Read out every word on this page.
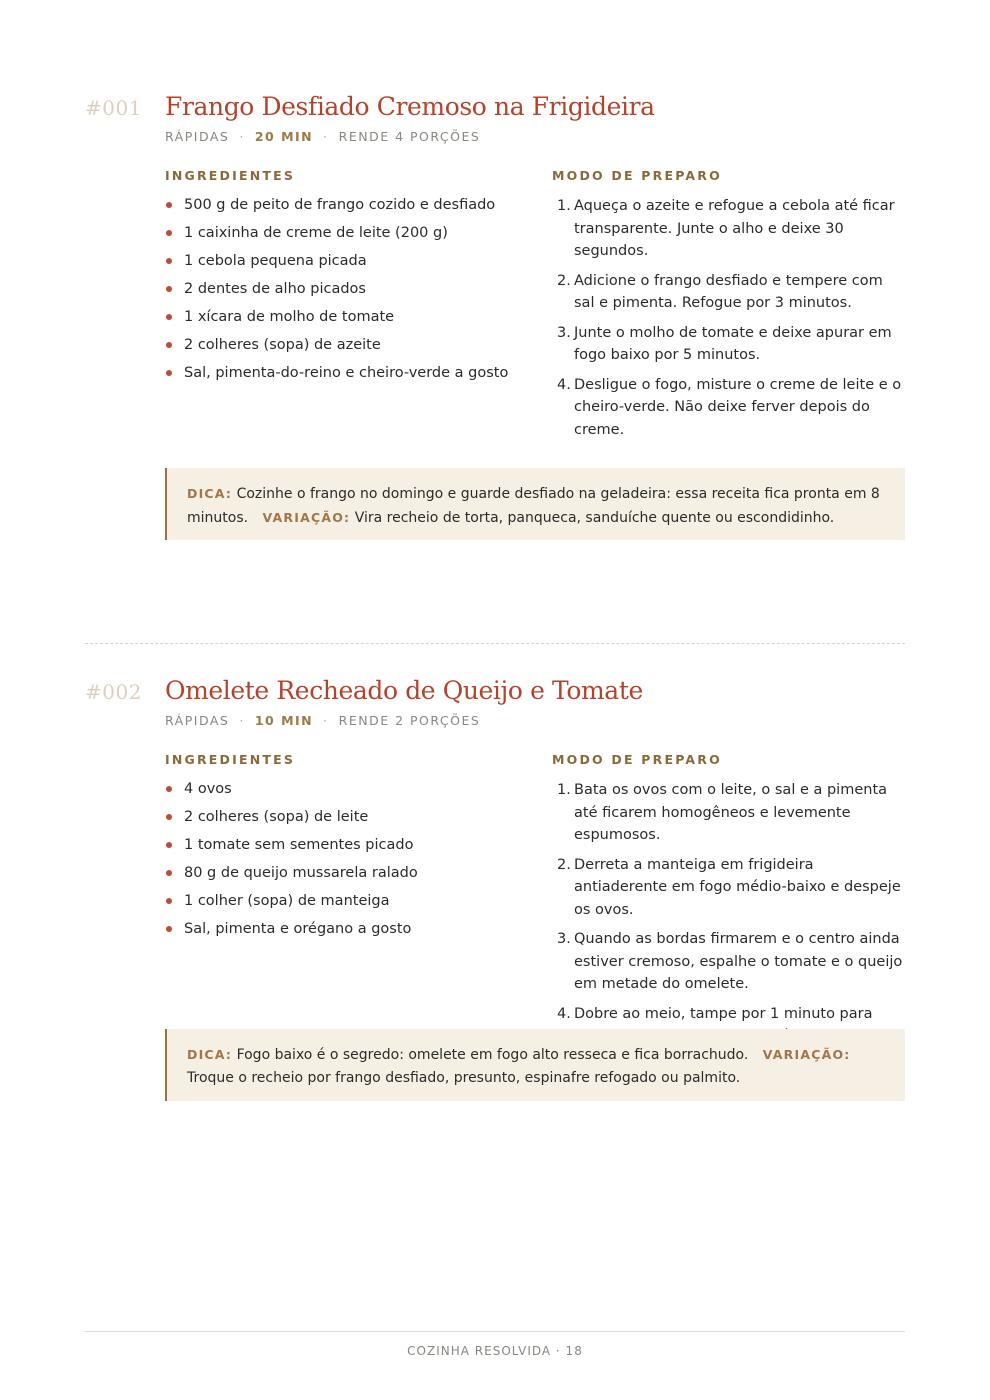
#001 Frango Desfiado Cremoso na Frigideira
RÁPIDAS · 20 MIN · RENDE 4 PORÇÕES
INGREDIENTES
500 g de peito de frango cozido e desfiado
1 caixinha de creme de leite (200 g)
1 cebola pequena picada
2 dentes de alho picados
1 xícara de molho de tomate
2 colheres (sopa) de azeite
Sal, pimenta-do-reino e cheiro-verde a gosto
MODO DE PREPARO
1. Aqueça o azeite e refogue a cebola até ficar transparente. Junte o alho e deixe 30 segundos.
2. Adicione o frango desfiado e tempere com sal e pimenta. Refogue por 3 minutos.
3. Junte o molho de tomate e deixe apurar em fogo baixo por 5 minutos.
4. Desligue o fogo, misture o creme de leite e o cheiro-verde. Não deixe ferver depois do creme.
DICA: Cozinhe o frango no domingo e guarde desfiado na geladeira: essa receita fica pronta em 8 minutos. VARIAÇÃO: Vira recheio de torta, panqueca, sanduíche quente ou escondidinho.
#002 Omelete Recheado de Queijo e Tomate
RÁPIDAS · 10 MIN · RENDE 2 PORÇÕES
INGREDIENTES
4 ovos
2 colheres (sopa) de leite
1 tomate sem sementes picado
80 g de queijo mussarela ralado
1 colher (sopa) de manteiga
Sal, pimenta e orégano a gosto
MODO DE PREPARO
1. Bata os ovos com o leite, o sal e a pimenta até ficarem homogêneos e levemente espumosos.
2. Derreta a manteiga em frigideira antiaderente em fogo médio-baixo e despeje os ovos.
3. Quando as bordas firmarem e o centro ainda estiver cremoso, espalhe o tomate e o queijo em metade do omelete.
4. Dobre ao meio, tampe por 1 minuto para
DICA: Fogo baixo é o segredo: omelete em fogo alto resseca e fica borrachudo. VARIAÇÃO: Troque o recheio por frango desfiado, presunto, espinafre refogado ou palmito.
COZINHA RESOLVIDA · 18
